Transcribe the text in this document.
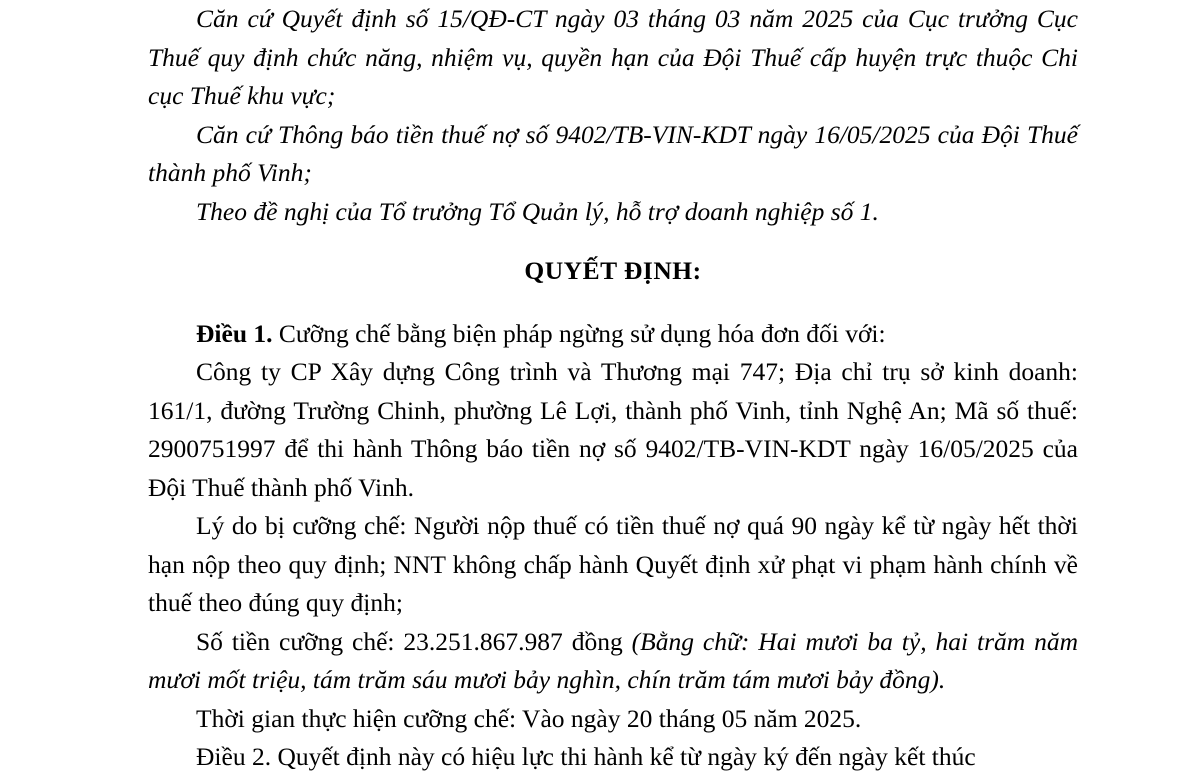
Căn cứ Quyết định số 15/QĐ-CT ngày 03 tháng 03 năm 2025 của Cục trưởng Cục Thuế quy định chức năng, nhiệm vụ, quyền hạn của Đội Thuế cấp huyện trực thuộc Chi cục Thuế khu vực;

Căn cứ Thông báo tiền thuế nợ số 9402/TB-VIN-KDT ngày 16/05/2025 của Đội Thuế thành phố Vinh;

Theo đề nghị của Tổ trưởng Tổ Quản lý, hỗ trợ doanh nghiệp số 1.

QUYẾT ĐỊNH:

Điều 1. Cưỡng chế bằng biện pháp ngừng sử dụng hóa đơn đối với:

Công ty CP Xây dựng Công trình và Thương mại 747; Địa chỉ trụ sở kinh doanh: 161/1, đường Trường Chinh, phường Lê Lợi, thành phố Vinh, tỉnh Nghệ An; Mã số thuế: 2900751997 để thi hành Thông báo tiền nợ số 9402/TB-VIN-KDT ngày 16/05/2025 của Đội Thuế thành phố Vinh.

Lý do bị cưỡng chế: Người nộp thuế có tiền thuế nợ quá 90 ngày kể từ ngày hết thời hạn nộp theo quy định; NNT không chấp hành Quyết định xử phạt vi phạm hành chính về thuế theo đúng quy định;

Số tiền cưỡng chế: 23.251.867.987 đồng (Bằng chữ: Hai mươi ba tỷ, hai trăm năm mươi mốt triệu, tám trăm sáu mươi bảy nghìn, chín trăm tám mươi bảy đồng).

Thời gian thực hiện cưỡng chế: Vào ngày 20 tháng 05 năm 2025.

Điều 2. Quyết định này có hiệu lực thi hành kể từ ngày ký đến ngày kết thúc
